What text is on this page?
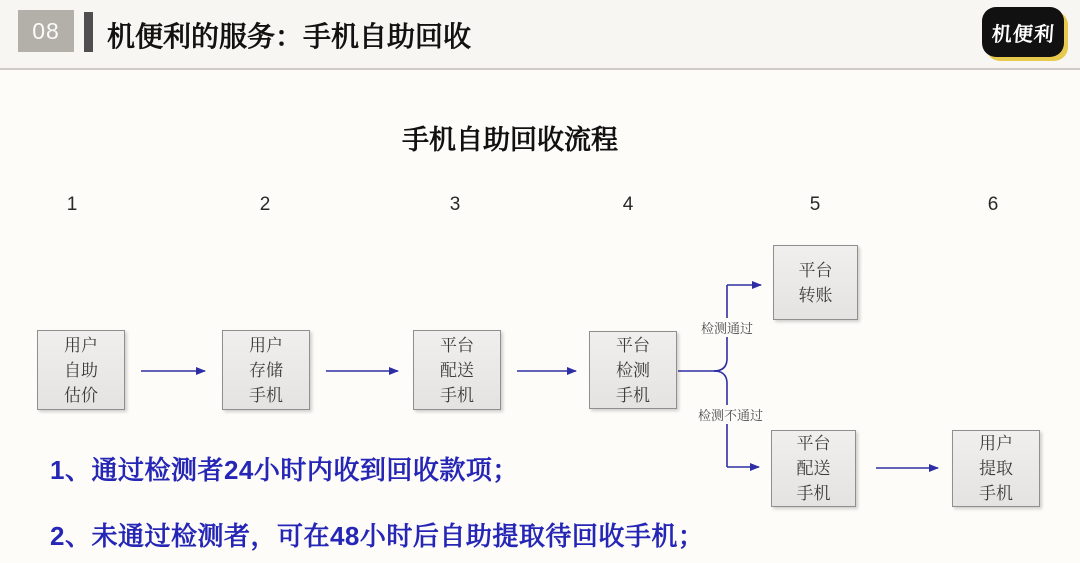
08	机便利的服务：手机自助回收	机便利
手机自助回收流程
1	2	3	4	5	6
检测通过
检测不通过
用户
自助
估价
用户
存储
手机
平台
配送
手机
平台
检测
手机
平台
转账
平台
配送
手机
用户
提取
手机
1、通过检测者24小时内收到回收款项；
2、未通过检测者，可在48小时后自助提取待回收手机；
